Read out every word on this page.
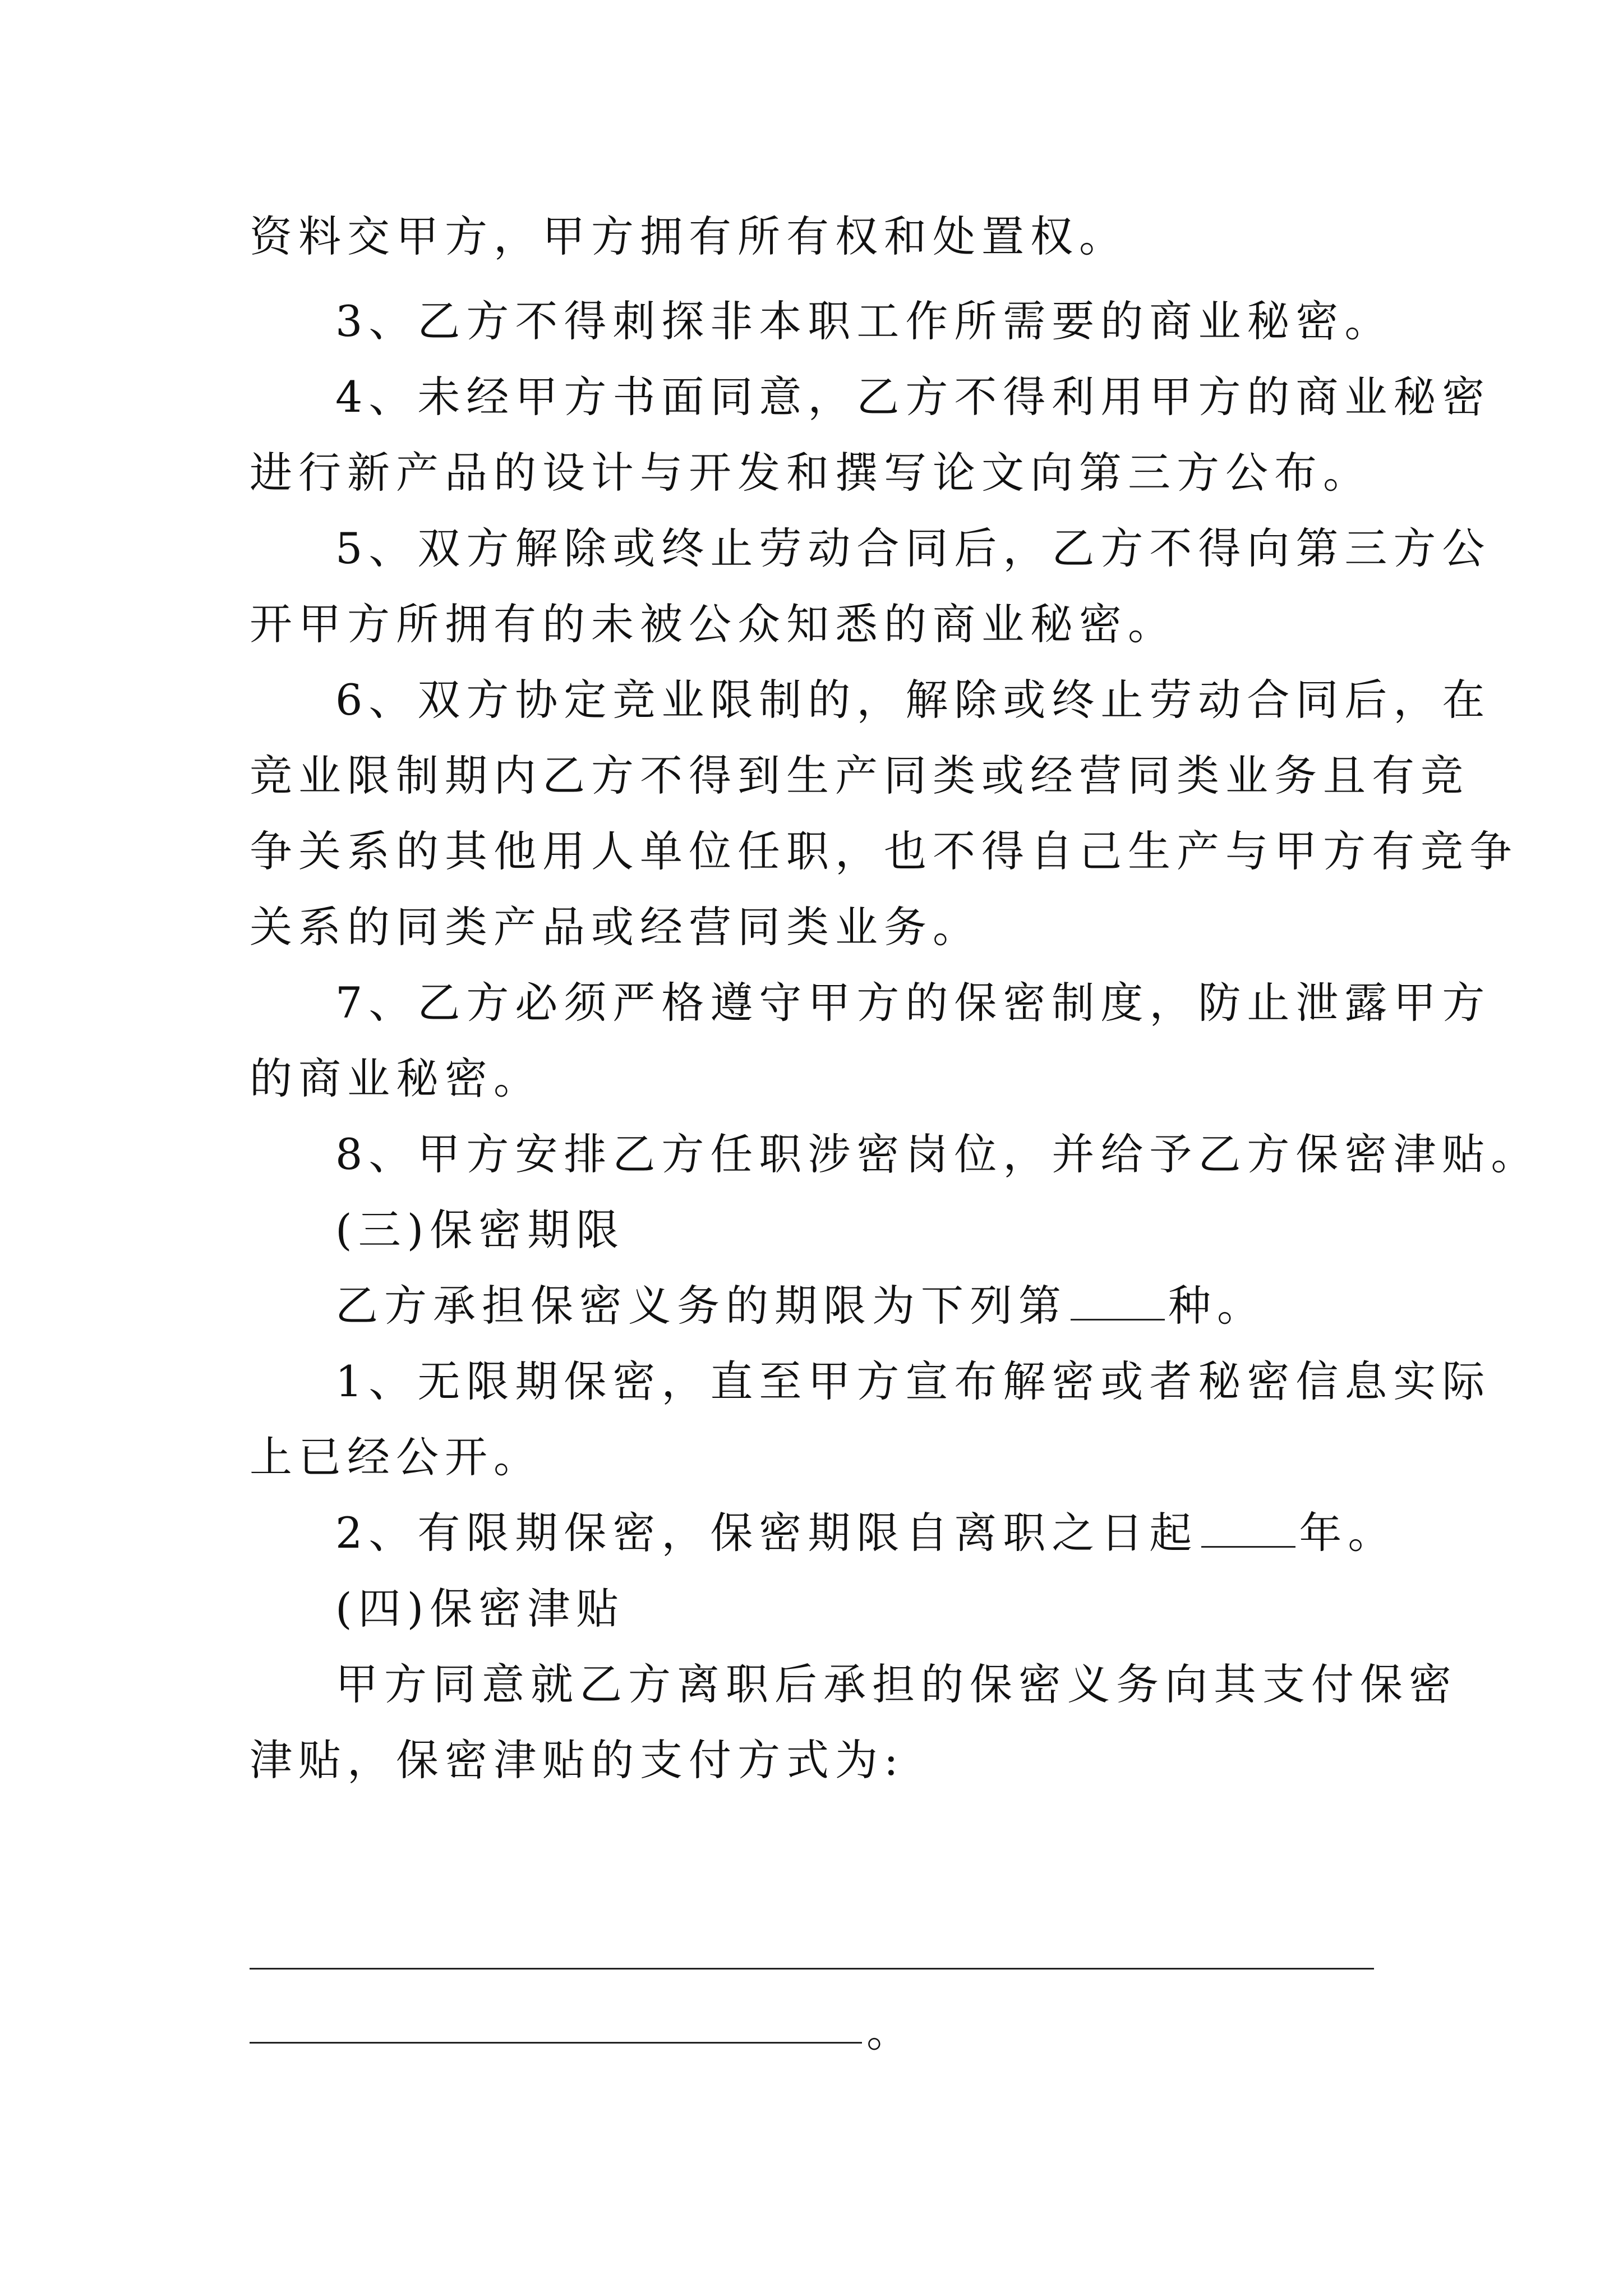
资料交甲方，甲方拥有所有权和处置权。
3、乙方不得刺探非本职工作所需要的商业秘密。
4、未经甲方书面同意，乙方不得利用甲方的商业秘密
进行新产品的设计与开发和撰写论文向第三方公布。
5、双方解除或终止劳动合同后，乙方不得向第三方公
开甲方所拥有的未被公众知悉的商业秘密。
6、双方协定竞业限制的，解除或终止劳动合同后，在
竞业限制期内乙方不得到生产同类或经营同类业务且有竞
争关系的其他用人单位任职，也不得自己生产与甲方有竞争
关系的同类产品或经营同类业务。
7、乙方必须严格遵守甲方的保密制度，防止泄露甲方
的商业秘密。
8、甲方安排乙方任职涉密岗位，并给予乙方保密津贴。
(三)保密期限
乙方承担保密义务的期限为下列第 种。
1、无限期保密，直至甲方宣布解密或者秘密信息实际
上已经公开。
2、有限期保密，保密期限自离职之日起 年。
(四)保密津贴
甲方同意就乙方离职后承担的保密义务向其支付保密
津贴，保密津贴的支付方式为:
。
